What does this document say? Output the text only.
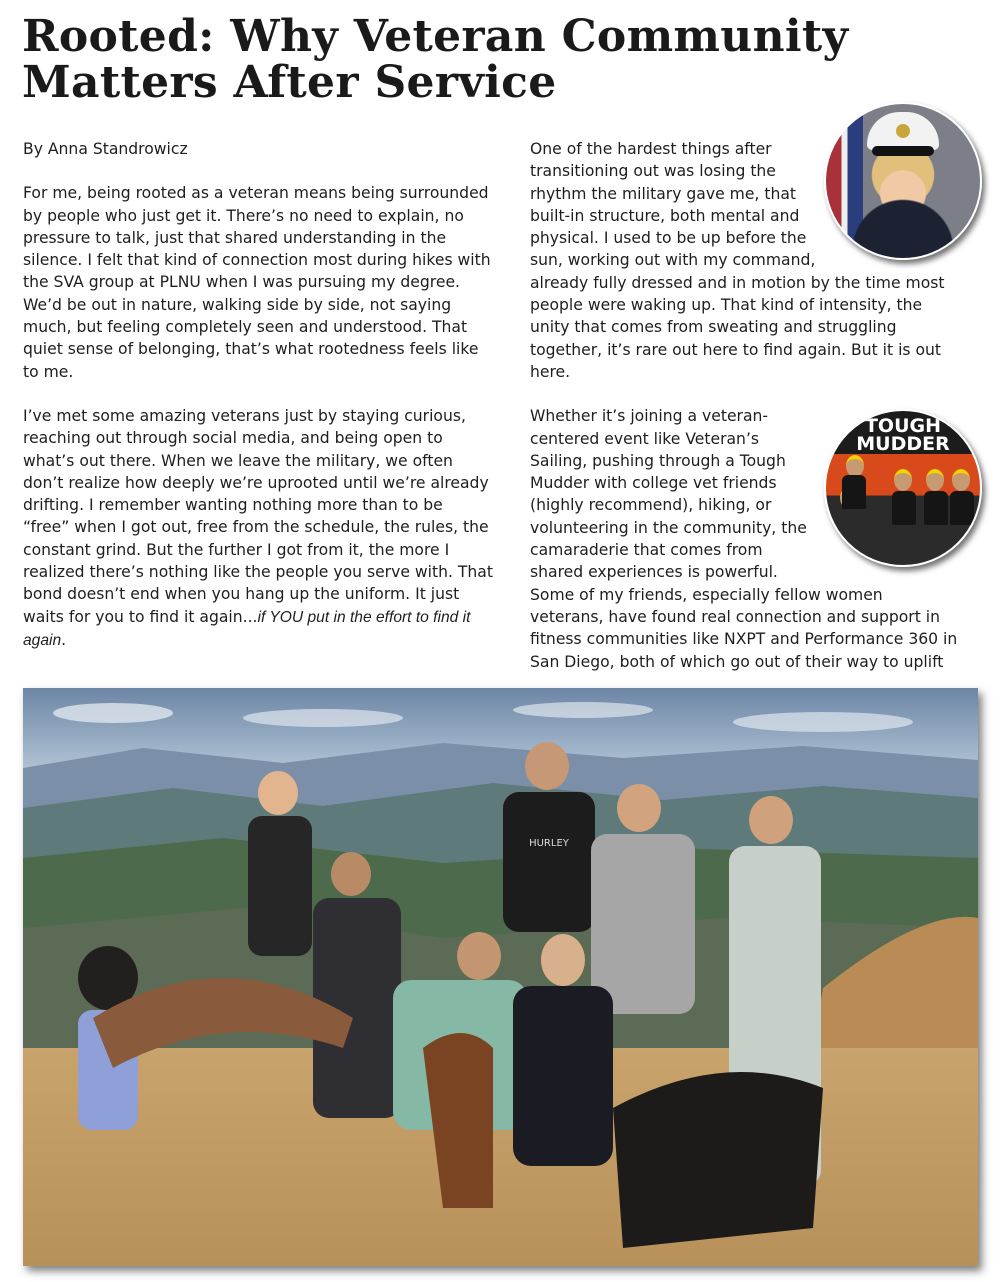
Rooted: Why Veteran Community Matters After Service

By Anna Standrowicz

For me, being rooted as a veteran means being surrounded by people who just get it. There’s no need to explain, no pressure to talk, just that shared understanding in the silence. I felt that kind of connection most during hikes with the SVA group at PLNU when I was pursuing my degree. We’d be out in nature, walking side by side, not saying much, but feeling completely seen and understood. That quiet sense of belonging, that’s what rootedness feels like to me.

I’ve met some amazing veterans just by staying curious, reaching out through social media, and being open to what’s out there. When we leave the military, we often don’t realize how deeply we’re uprooted until we’re already drifting. I remember wanting nothing more than to be “free” when I got out, free from the schedule, the rules, the constant grind. But the further I got from it, the more I realized there’s nothing like the people you serve with. That bond doesn’t end when you hang up the uniform. It just waits for you to find it again...if YOU put in the effort to find it again.

One of the hardest things after transitioning out was losing the rhythm the military gave me, that built-in structure, both mental and physical. I used to be up before the sun, working out with my command, already fully dressed and in motion by the time most people were waking up. That kind of intensity, the unity that comes from sweating and struggling together, it’s rare out here to find again. But it is out here.

TOUGH MUDDER
Whether it’s joining a veteran-centered event like Veteran’s Sailing, pushing through a Tough Mudder with college vet friends (highly recommend), hiking, or volunteering in the community, the camaraderie that comes from shared experiences is powerful. Some of my friends, especially fellow women veterans, have found real connection and support in fitness communities like NXPT and Performance 360 in San Diego, both of which go out of their way to uplift

HURLEY
